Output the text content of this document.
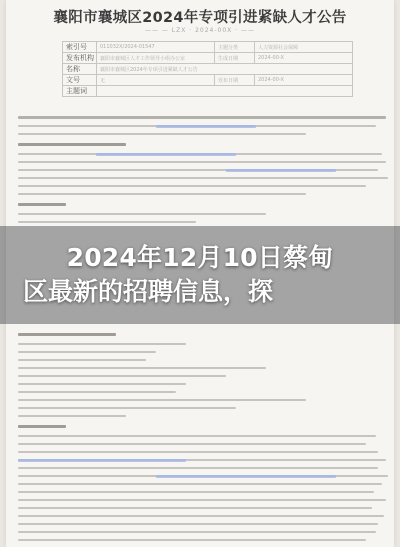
襄阳市襄城区2024年专项引进紧缺人才公告
—— — LZX · 2024-00X · ——
索引号	011032X/2024-01547	主题分类	人力资源社会保障
发布机构	襄阳市襄城区人才工作领导小组办公室	生成日期	2024-00-X
名称	襄阳市襄城区2024年专项引进紧缺人才公告		
文号	无	发布日期	2024-00-X
主题词			
2024年12月10日蔡甸
区最新的招聘信息，探
